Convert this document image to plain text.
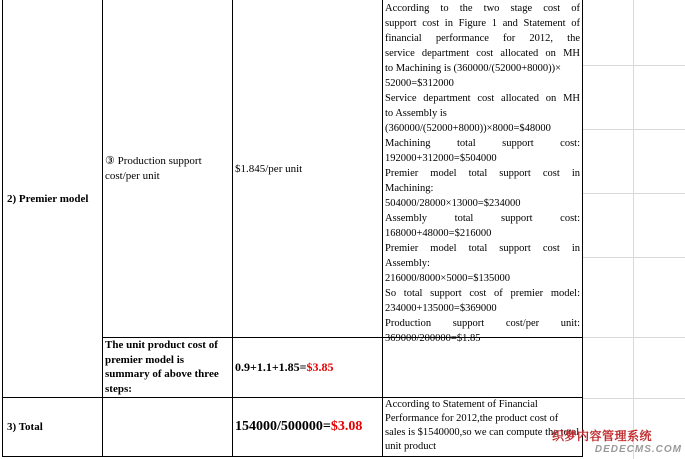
2) Premier model
③ Production support cost/per unit
$1.845/per unit

According to the two stage cost of

support cost in Figure 1 and Statement of

financial performance for 2012, the

service department cost allocated on MH

to Machining is (360000/(52000+8000))×

52000=$312000

Service department cost allocated on MH

to Assembly is

(360000/(52000+8000))×8000=$48000

Machining total support cost:

192000+312000=$504000

Premier model total support cost in

Machining:

504000/28000×13000=$234000

Assembly total support cost:

168000+48000=$216000

Premier model total support cost in

Assembly:

216000/8000×5000=$135000

So total support cost of premier model:

234000+135000=$369000

Production support cost/per unit:

369000/200000=$1.85

The unit product cost of premier model is summary of above three steps:
0.9+1.1+1.85= $3.85
3) Total	154000/500000= $3.08
According to Statement of Financial Performance for 2012,the product cost of sales is $1540000,so we can compute the total unit product
织梦内容管理系统
DEDECMS.COM
